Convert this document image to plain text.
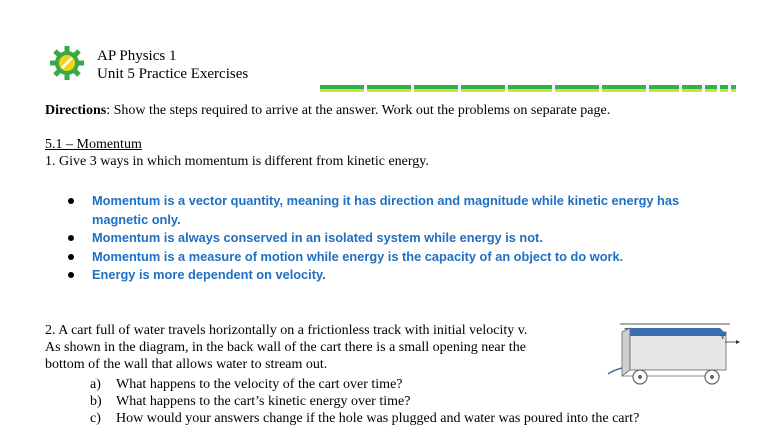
AP Physics 1
Unit 5 Practice Exercises
Directions: Show the steps required to arrive at the answer. Work out the problems on separate page.
5.1 – Momentum
1. Give 3 ways in which momentum is different from kinetic energy.
Momentum is a vector quantity, meaning it has direction and magnitude while kinetic energy has magnetic only.
Momentum is always conserved in an isolated system while energy is not.
Momentum is a measure of motion while energy is the capacity of an object to do work.
Energy is more dependent on velocity.
2. A cart full of water travels horizontally on a frictionless track with initial velocity v.
As shown in the diagram, in the back wall of the cart there is a small opening near the
bottom of the wall that allows water to stream out.
a) What happens to the velocity of the cart over time?
b) What happens to the cart’s kinetic energy over time?
c) How would your answers change if the hole was plugged and water was poured into the cart?
v
